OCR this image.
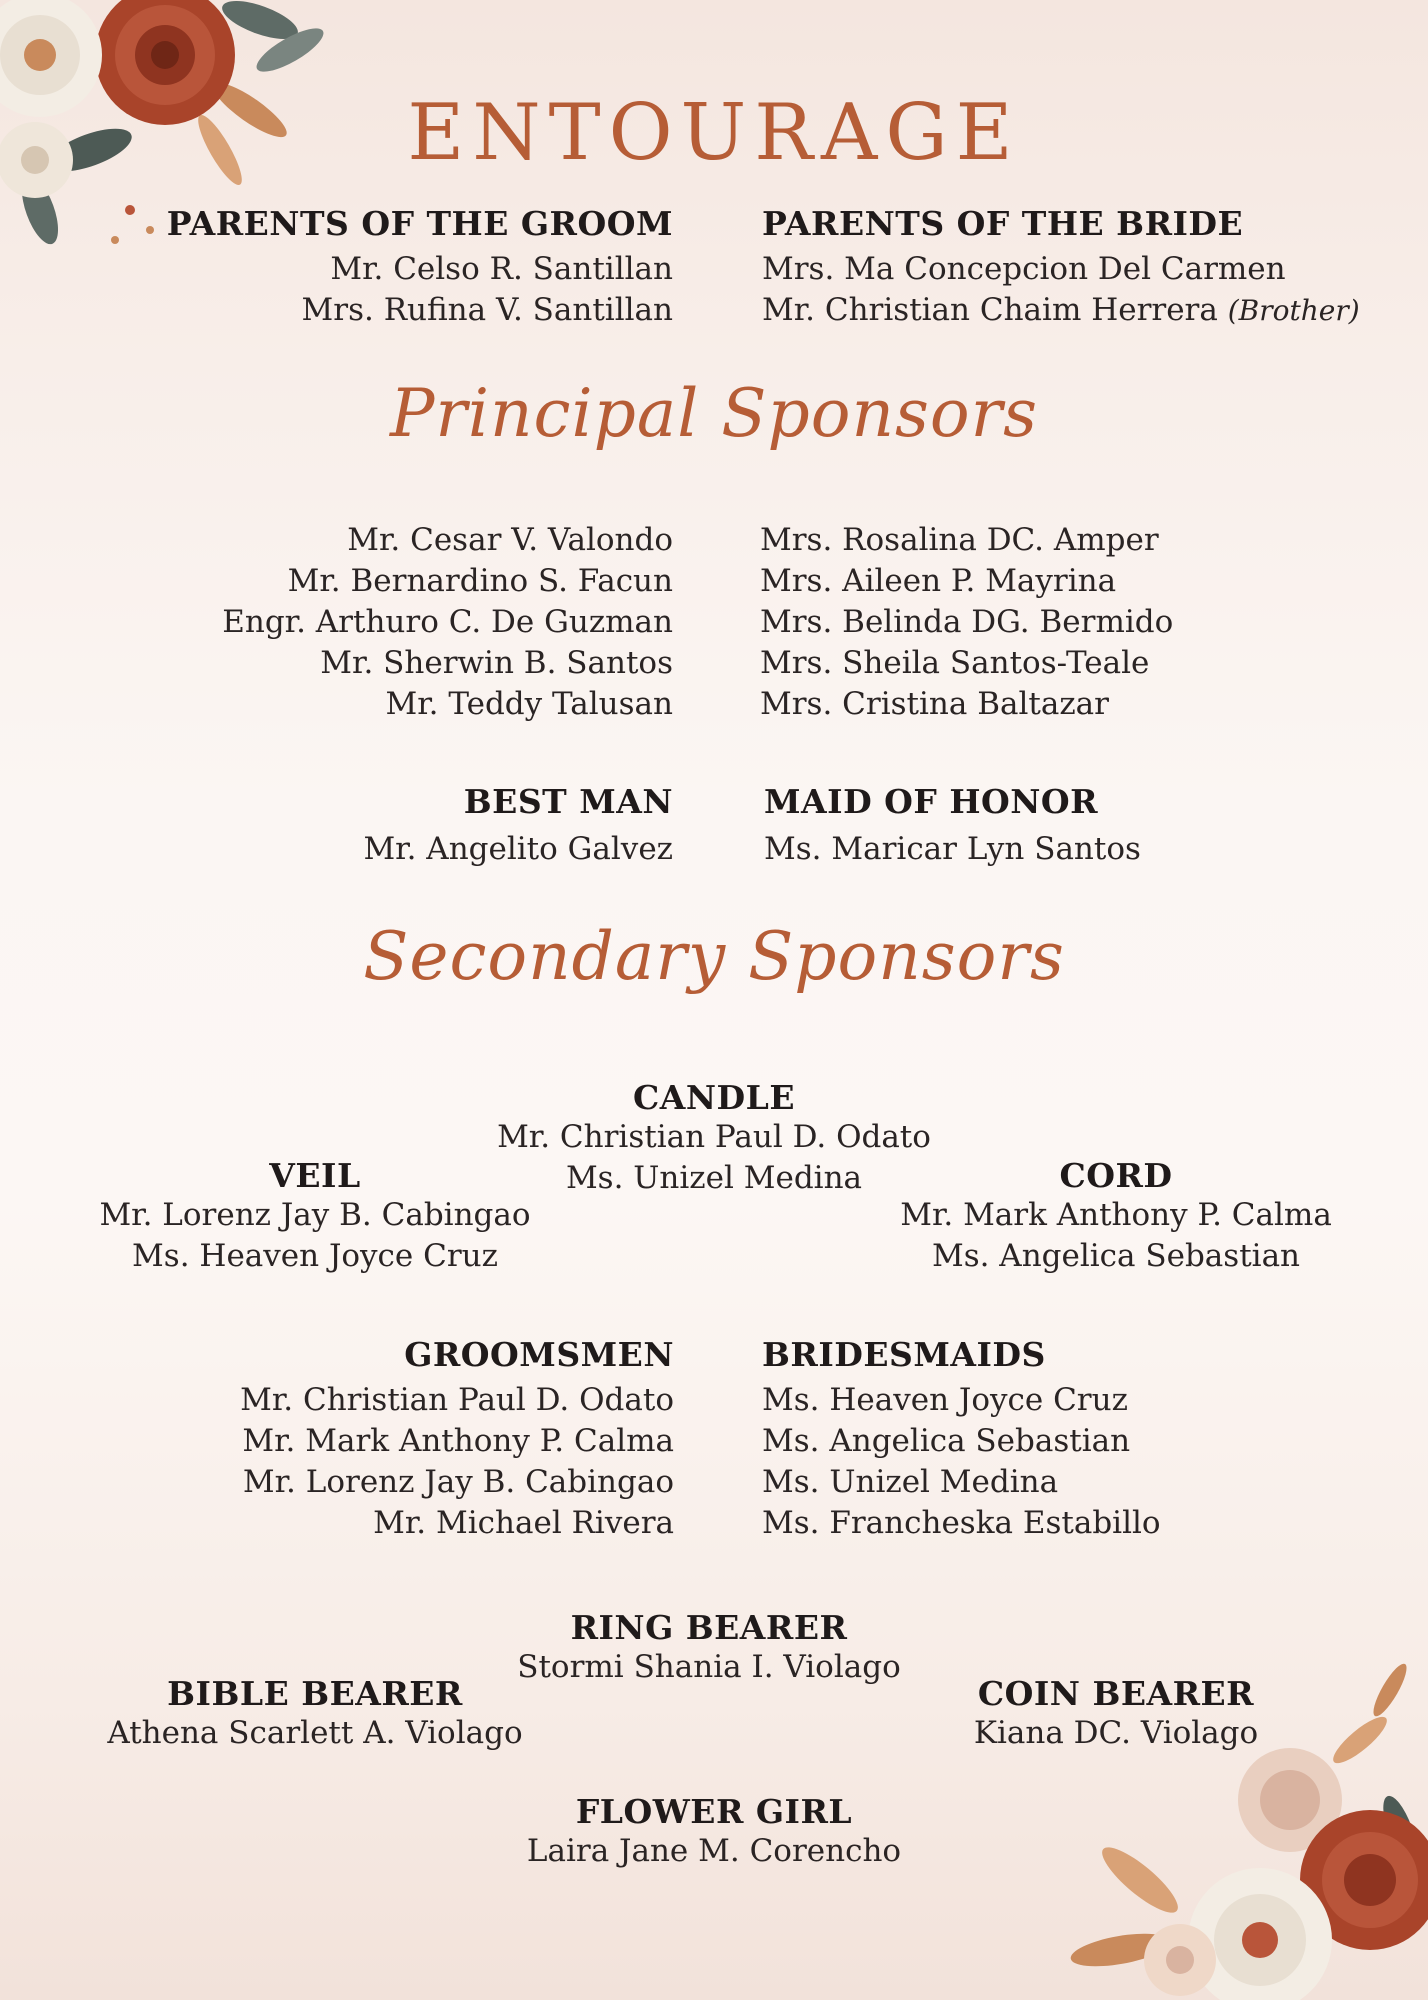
ENTOURAGE
PARENTS OF THE GROOM
Mr. Celso R. Santillan
Mrs. Rufina V. Santillan
PARENTS OF THE BRIDE
Mrs. Ma Concepcion Del Carmen
Mr. Christian Chaim Herrera (Brother)
Principal Sponsors
Mr. Cesar V. Valondo
Mr. Bernardino S. Facun
Engr. Arthuro C. De Guzman
Mr. Sherwin B. Santos
Mr. Teddy Talusan
Mrs. Rosalina DC. Amper
Mrs. Aileen P. Mayrina
Mrs. Belinda DG. Bermido
Mrs. Sheila Santos-Teale
Mrs. Cristina Baltazar
BEST MAN
Mr. Angelito Galvez
MAID OF HONOR
Ms. Maricar Lyn Santos
Secondary Sponsors
CANDLE
Mr. Christian Paul D. Odato
Ms. Unizel Medina
VEIL
Mr. Lorenz Jay B. Cabingao
Ms. Heaven Joyce Cruz
CORD
Mr. Mark Anthony P. Calma
Ms. Angelica Sebastian
GROOMSMEN
Mr. Christian Paul D. Odato
Mr. Mark Anthony P. Calma
Mr. Lorenz Jay B. Cabingao
Mr. Michael Rivera
BRIDESMAIDS
Ms. Heaven Joyce Cruz
Ms. Angelica Sebastian
Ms. Unizel Medina
Ms. Francheska Estabillo
RING BEARER
Stormi Shania I. Violago
BIBLE BEARER
Athena Scarlett A. Violago
COIN BEARER
Kiana DC. Violago
FLOWER GIRL
Laira Jane M. Corencho
